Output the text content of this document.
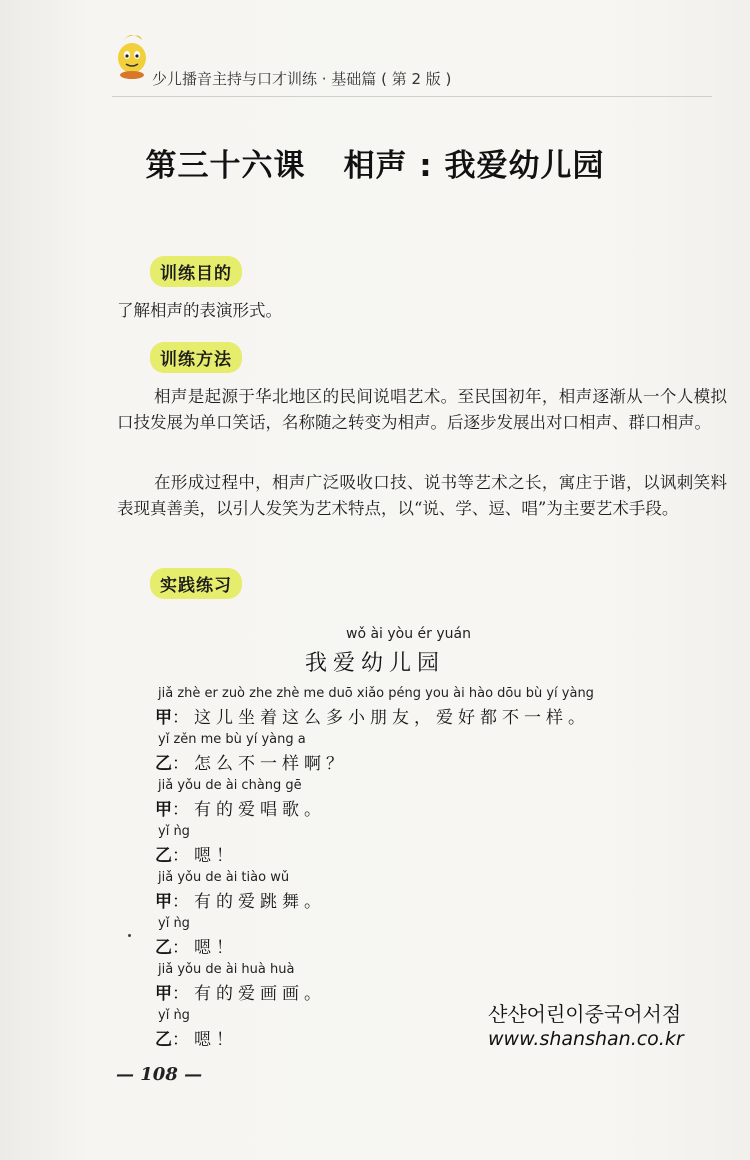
少儿播音主持与口才训练 · 基础篇 ( 第 2 版 )
第三十六课 相声 : 我爱幼儿园
训练目的
了解相声的表演形式。
训练方法
相声是起源于华北地区的民间说唱艺术。至民国初年，相声逐渐从一个人模拟口技发展为单口笑话，名称随之转变为相声。后逐步发展出对口相声、群口相声。
在形成过程中，相声广泛吸收口技、说书等艺术之长，寓庄于谐，以讽刺笑料表现真善美，以引人发笑为艺术特点，以“说、学、逗、唱”为主要艺术手段。
实践练习
wǒ ài yòu ér yuán
我爱幼儿园
jiǎ zhè er zuò zhe zhè me duō xiǎo péng you ài hào dōu bù yí yàng
甲：这儿坐着这么多小朋友，爱好都不一样。
yǐ zěn me bù yí yàng a
乙：怎么不一样啊？
jiǎ yǒu de ài chàng gē
甲：有的爱唱歌。
yǐ ǹg
乙：嗯！
jiǎ yǒu de ài tiào wǔ
甲：有的爱跳舞。
yǐ ǹg
乙：嗯！
jiǎ yǒu de ài huà huà
甲：有的爱画画。
yǐ ǹg
乙：嗯！
— 108 —
샨샨어린이중국어서점
www.shanshan.co.kr
